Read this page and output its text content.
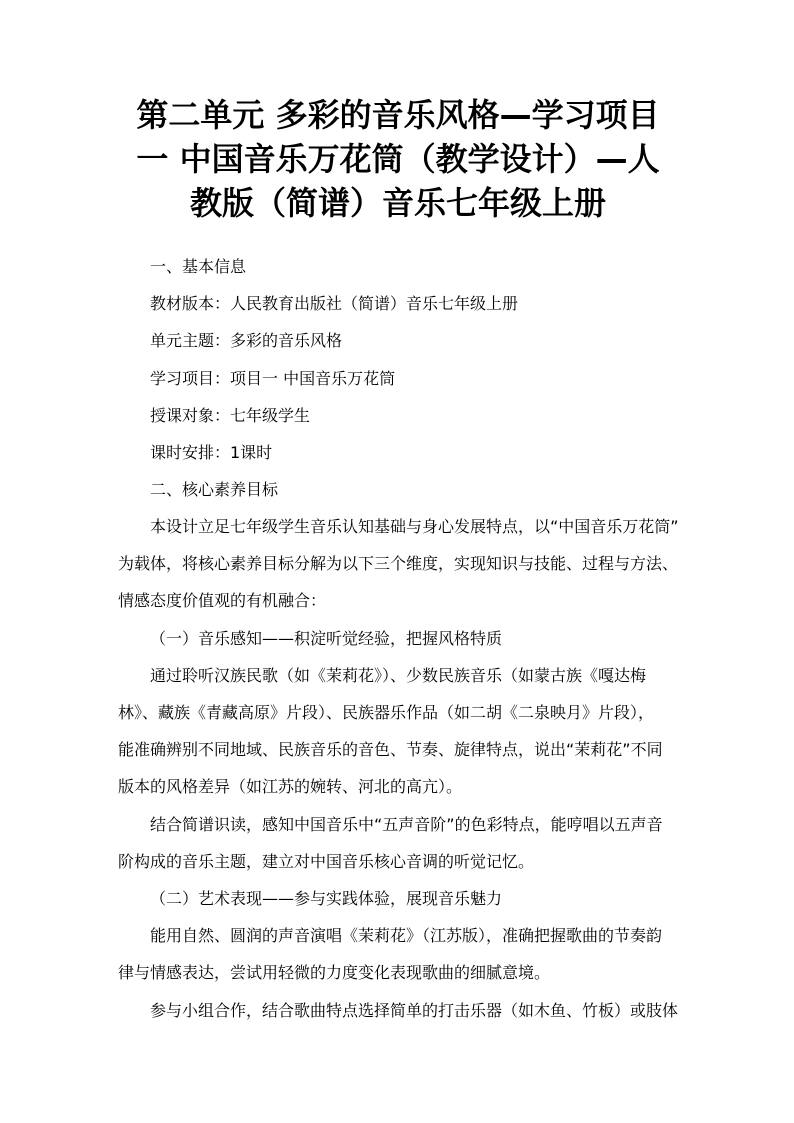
第二单元 多彩的音乐风格—学习项目
一 中国音乐万花筒（教学设计）—人
教版（简谱）音乐七年级上册
一、基本信息
教材版本：人民教育出版社（简谱）音乐七年级上册
单元主题：多彩的音乐风格
学习项目：项目一 中国音乐万花筒
授课对象：七年级学生
课时安排：1课时
二、核心素养目标
本设计立足七年级学生音乐认知基础与身心发展特点，以“中国音乐万花筒”
为载体，将核心素养目标分解为以下三个维度，实现知识与技能、过程与方法、
情感态度价值观的有机融合：
（一）音乐感知——积淀听觉经验，把握风格特质
通过聆听汉族民歌（如《茉莉花》）、少数民族音乐（如蒙古族《嘎达梅
林》、藏族《青藏高原》片段）、民族器乐作品（如二胡《二泉映月》片段），
能准确辨别不同地域、民族音乐的音色、节奏、旋律特点，说出“茉莉花”不同
版本的风格差异（如江苏的婉转、河北的高亢）。
结合简谱识读，感知中国音乐中“五声音阶”的色彩特点，能哼唱以五声音
阶构成的音乐主题，建立对中国音乐核心音调的听觉记忆。
（二）艺术表现——参与实践体验，展现音乐魅力
能用自然、圆润的声音演唱《茉莉花》（江苏版），准确把握歌曲的节奏韵
律与情感表达，尝试用轻微的力度变化表现歌曲的细腻意境。
参与小组合作，结合歌曲特点选择简单的打击乐器（如木鱼、竹板）或肢体
